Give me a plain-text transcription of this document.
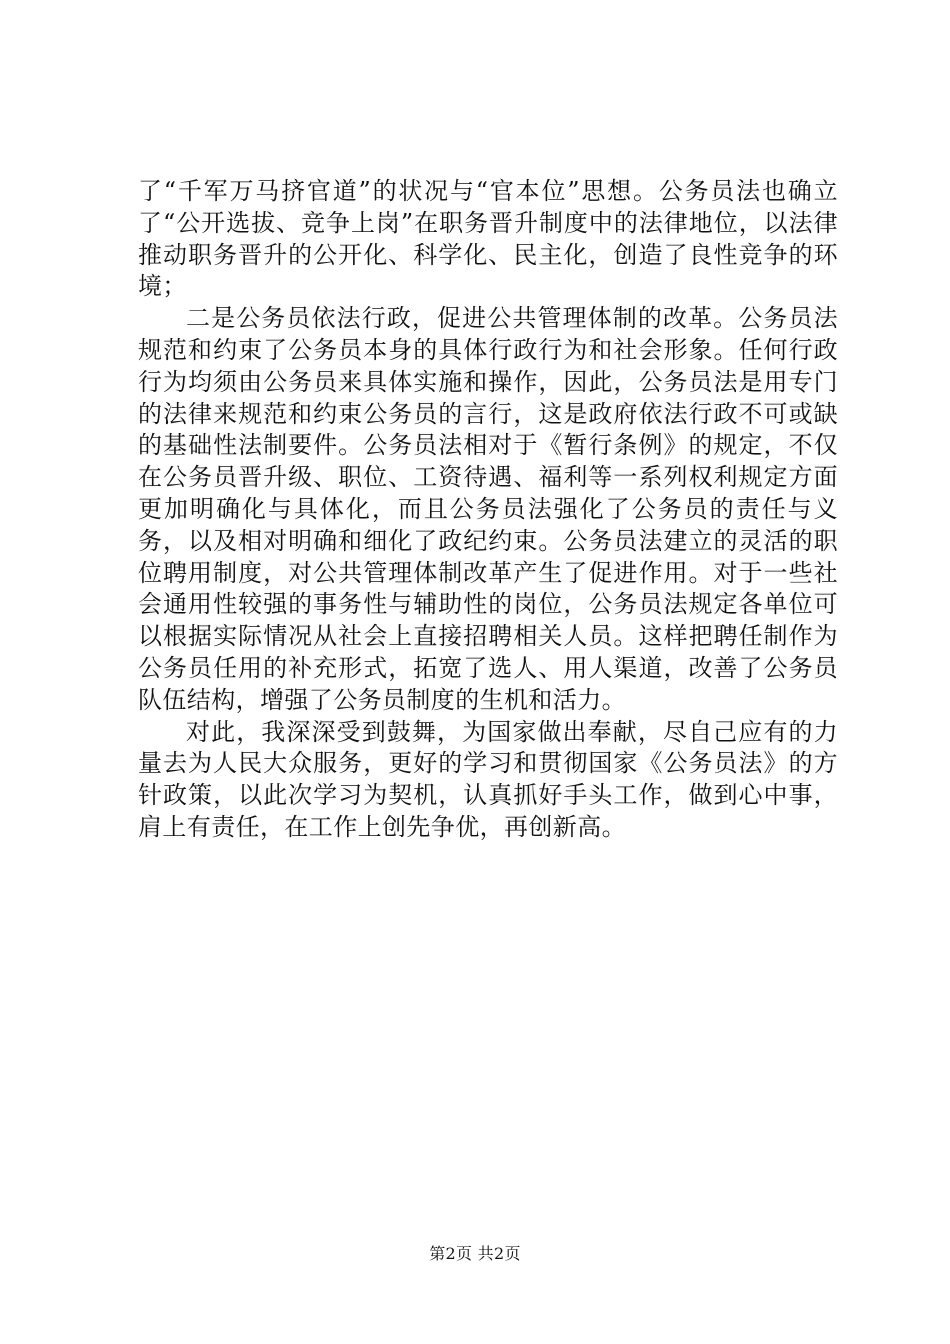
了“千军万马挤官道”的状况与“官本位”思想。公务员法也确立了“公开选拔、竞争上岗”在职务晋升制度中的法律地位，以法律推动职务晋升的公开化、科学化、民主化，创造了良性竞争的环境；

二是公务员依法行政，促进公共管理体制的改革。公务员法规范和约束了公务员本身的具体行政行为和社会形象。任何行政行为均须由公务员来具体实施和操作，因此，公务员法是用专门的法律来规范和约束公务员的言行，这是政府依法行政不可或缺的基础性法制要件。公务员法相对于《暂行条例》的规定，不仅在公务员晋升级、职位、工资待遇、福利等一系列权利规定方面更加明确化与具体化，而且公务员法强化了公务员的责任与义务，以及相对明确和细化了政纪约束。公务员法建立的灵活的职位聘用制度，对公共管理体制改革产生了促进作用。对于一些社会通用性较强的事务性与辅助性的岗位，公务员法规定各单位可以根据实际情况从社会上直接招聘相关人员。这样把聘任制作为公务员任用的补充形式，拓宽了选人、用人渠道，改善了公务员队伍结构，增强了公务员制度的生机和活力。

对此，我深深受到鼓舞，为国家做出奉献，尽自己应有的力量去为人民大众服务，更好的学习和贯彻国家《公务员法》的方针政策，以此次学习为契机，认真抓好手头工作，做到心中事，肩上有责任，在工作上创先争优，再创新高。

第2页 共2页
